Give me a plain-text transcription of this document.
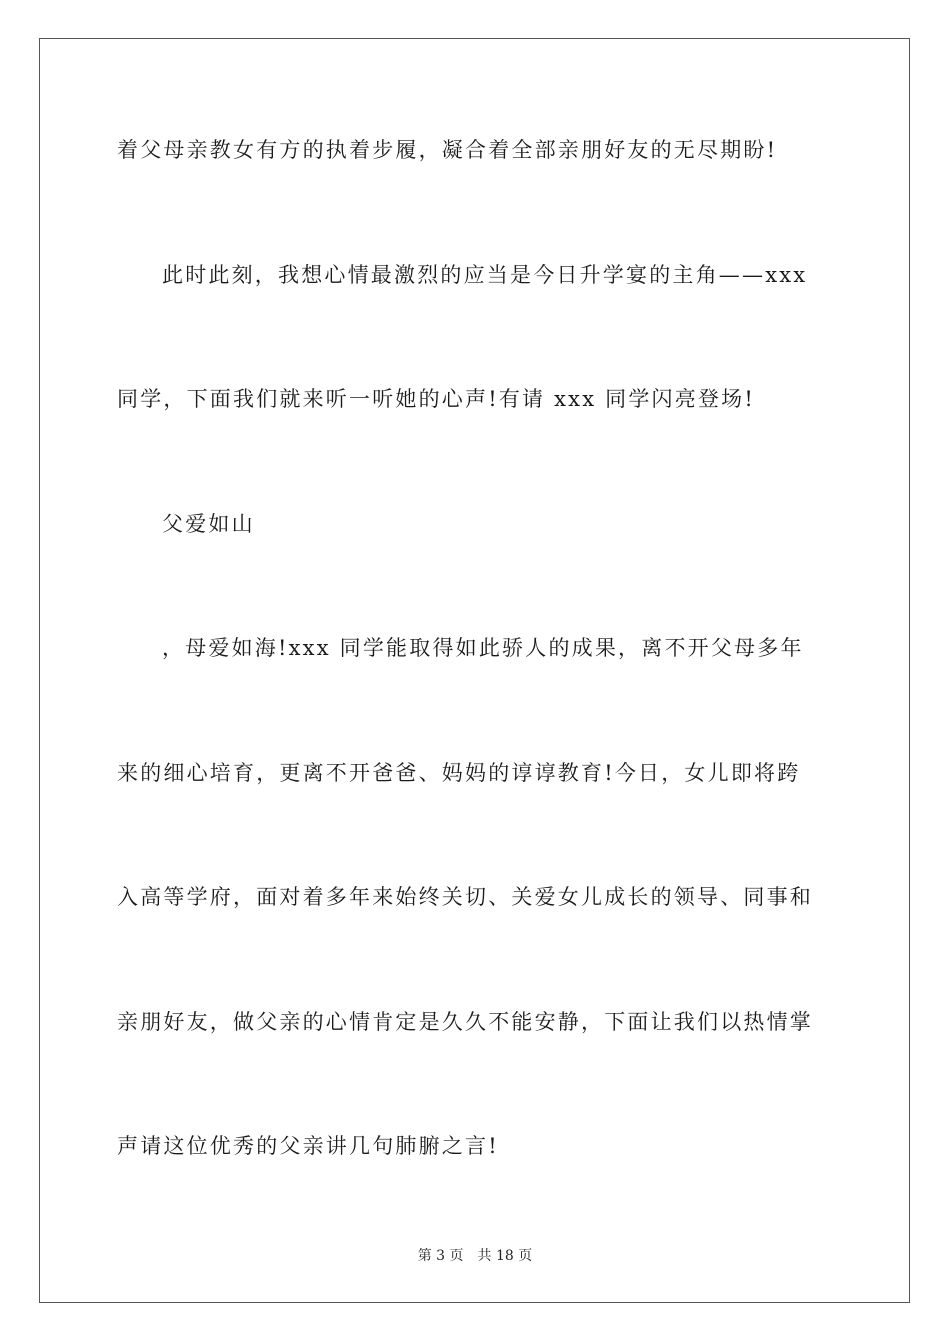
着父母亲教女有方的执着步履，凝合着全部亲朋好友的无尽期盼!
此时此刻，我想心情最激烈的应当是今日升学宴的主角——xxx
同学，下面我们就来听一听她的心声!有请 xxx 同学闪亮登场!
父爱如山
，母爱如海!xxx 同学能取得如此骄人的成果，离不开父母多年
来的细心培育，更离不开爸爸、妈妈的谆谆教育!今日，女儿即将跨
入高等学府，面对着多年来始终关切、关爱女儿成长的领导、同事和
亲朋好友，做父亲的心情肯定是久久不能安静，下面让我们以热情掌
声请这位优秀的父亲讲几句肺腑之言!
第 3 页 共 18 页
